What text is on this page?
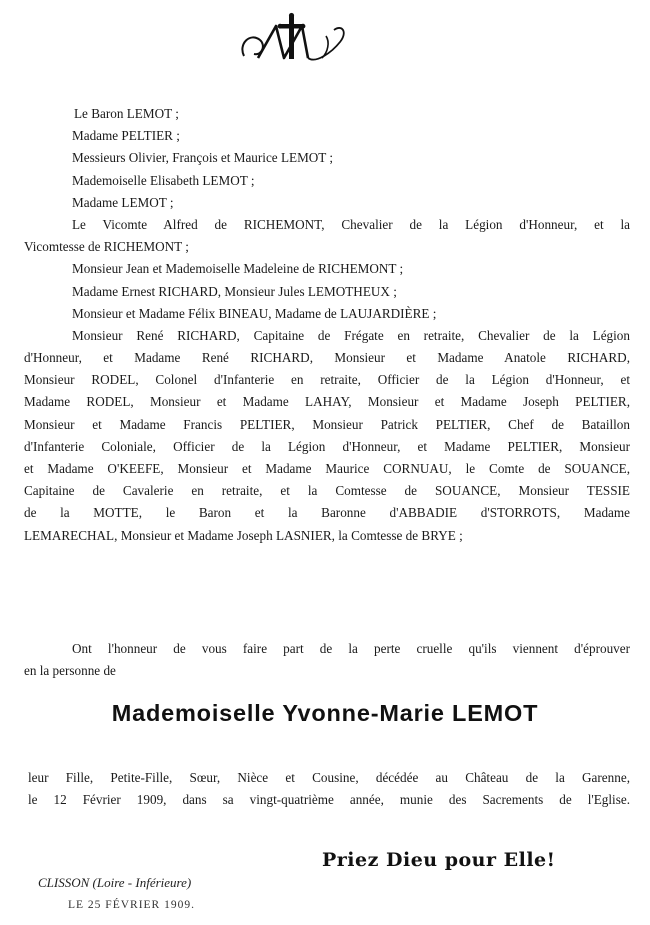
Le Baron LEMOT ;
Madame PELTIER ;
Messieurs Olivier, François et Maurice LEMOT ;
Mademoiselle Elisabeth LEMOT ;
Madame LEMOT ;
Le Vicomte Alfred de RICHEMONT, Chevalier de la Légion d'Honneur, et la
Vicomtesse de RICHEMONT ;
Monsieur Jean et Mademoiselle Madeleine de RICHEMONT ;
Madame Ernest RICHARD, Monsieur Jules LEMOTHEUX ;
Monsieur et Madame Félix BINEAU, Madame de LAUJARDIÈRE ;
Monsieur René RICHARD, Capitaine de Frégate en retraite, Chevalier de la Légion
d'Honneur, et Madame René RICHARD, Monsieur et Madame Anatole RICHARD,
Monsieur RODEL, Colonel d'Infanterie en retraite, Officier de la Légion d'Honneur, et
Madame RODEL, Monsieur et Madame LAHAY, Monsieur et Madame Joseph PELTIER,
Monsieur et Madame Francis PELTIER, Monsieur Patrick PELTIER, Chef de Bataillon
d'Infanterie Coloniale, Officier de la Légion d'Honneur, et Madame PELTIER, Monsieur
et Madame O'KEEFE, Monsieur et Madame Maurice CORNUAU, le Comte de SOUANCE,
Capitaine de Cavalerie en retraite, et la Comtesse de SOUANCE, Monsieur TESSIE
de la MOTTE, le Baron et la Baronne d'ABBADIE d'STORROTS, Madame
LEMARECHAL, Monsieur et Madame Joseph LASNIER, la Comtesse de BRYE ;
Ont l'honneur de vous faire part de la perte cruelle qu'ils viennent d'éprouver
en la personne de
Mademoiselle Yvonne-Marie LEMOT
leur Fille, Petite-Fille, Sœur, Nièce et Cousine, décédée au Château de la Garenne,
le 12 Février 1909, dans sa vingt-quatrième année, munie des Sacrements de l'Eglise.
Priez Dieu pour Elle!
CLISSON (Loire - Inférieure)
LE 25 FÉVRIER 1909.
